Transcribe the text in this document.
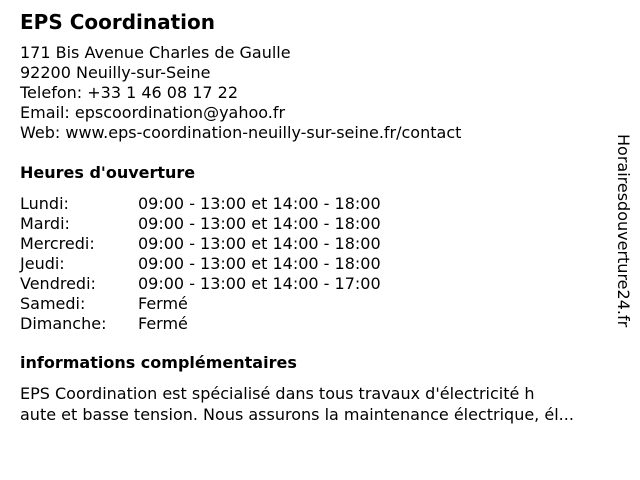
EPS Coordination
171 Bis Avenue Charles de Gaulle
92200 Neuilly-sur-Seine
Telefon: +33 1 46 08 17 22
Email: epscoordination@yahoo.fr
Web: www.eps-coordination-neuilly-sur-seine.fr/contact
Heures d'ouverture
Lundi:	09:00 - 13:00 et 14:00 - 18:00
Mardi:	09:00 - 13:00 et 14:00 - 18:00
Mercredi:	09:00 - 13:00 et 14:00 - 18:00
Jeudi:	09:00 - 13:00 et 14:00 - 18:00
Vendredi:	09:00 - 13:00 et 14:00 - 17:00
Samedi:	Fermé
Dimanche:	Fermé
informations complémentaires
EPS Coordination est spécialisé dans tous travaux d'électricité h
aute et basse tension. Nous assurons la maintenance électrique, él...
Horairesdouverture24.fr
